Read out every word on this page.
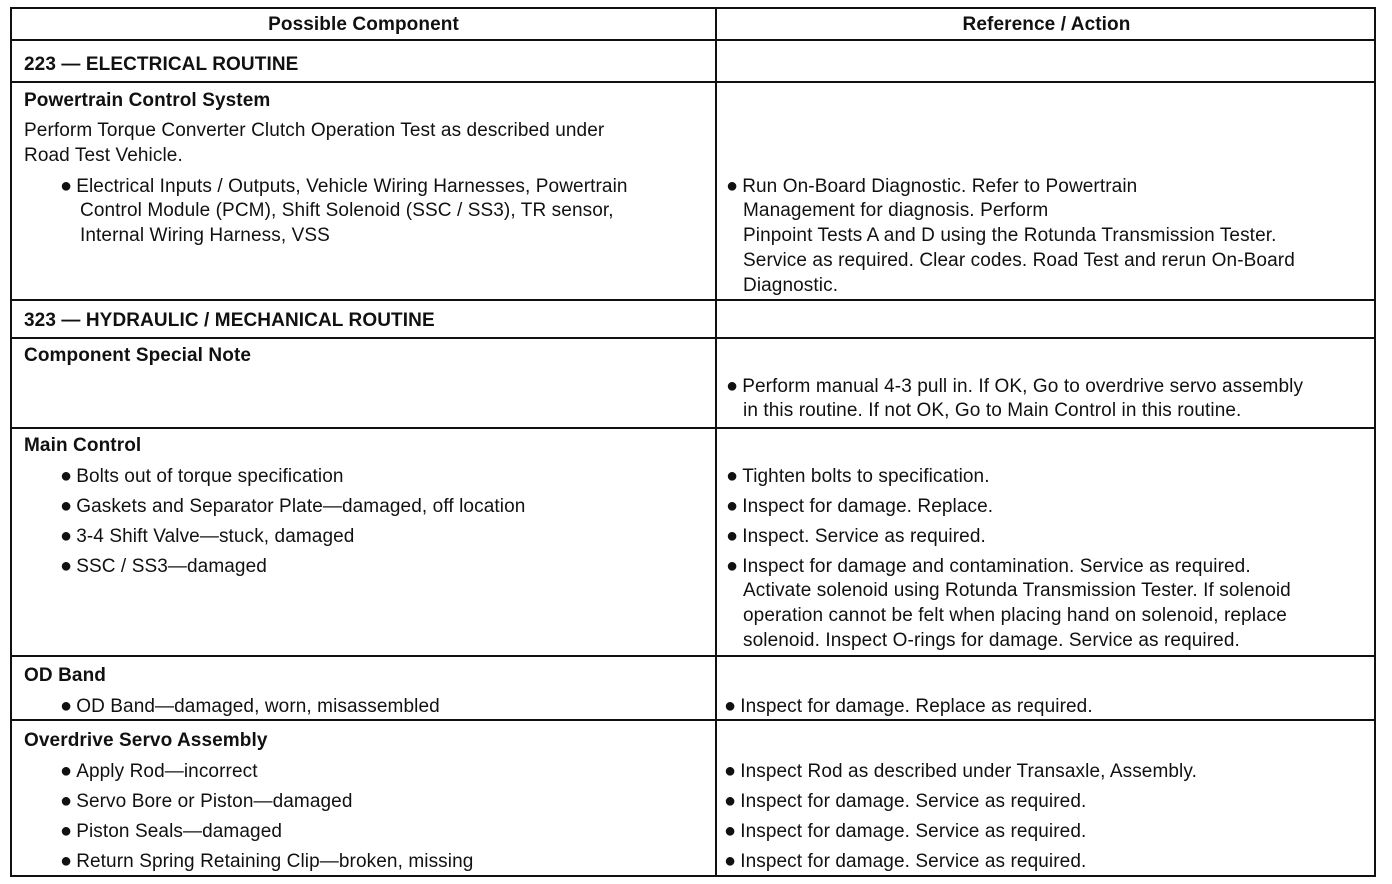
Possible Component	Reference / Action
223 — ELECTRICAL ROUTINE
Powertrain Control System
Perform Torque Converter Clutch Operation Test as described under
Road Test Vehicle.
● Electrical Inputs / Outputs, Vehicle Wiring Harnesses, Powertrain
Control Module (PCM), Shift Solenoid (SSC / SS3), TR sensor,
Internal Wiring Harness, VSS
● Run On-Board Diagnostic. Refer to Powertrain
Management for diagnosis. Perform
Pinpoint Tests A and D using the Rotunda Transmission Tester.
Service as required. Clear codes. Road Test and rerun On-Board
Diagnostic.
323 — HYDRAULIC / MECHANICAL ROUTINE
Component Special Note
● Perform manual 4-3 pull in. If OK, Go to overdrive servo assembly
in this routine. If not OK, Go to Main Control in this routine.
Main Control
● Bolts out of torque specification
● Gaskets and Separator Plate—damaged, off location
● 3-4 Shift Valve—stuck, damaged
● SSC / SS3—damaged
● Tighten bolts to specification.
● Inspect for damage. Replace.
● Inspect. Service as required.
● Inspect for damage and contamination. Service as required.
Activate solenoid using Rotunda Transmission Tester. If solenoid
operation cannot be felt when placing hand on solenoid, replace
solenoid. Inspect O-rings for damage. Service as required.
OD Band
● OD Band—damaged, worn, misassembled	● Inspect for damage. Replace as required.
Overdrive Servo Assembly
● Apply Rod—incorrect
● Servo Bore or Piston—damaged
● Piston Seals—damaged
● Return Spring Retaining Clip—broken, missing
● Inspect Rod as described under Transaxle, Assembly.
● Inspect for damage. Service as required.
● Inspect for damage. Service as required.
● Inspect for damage. Service as required.
